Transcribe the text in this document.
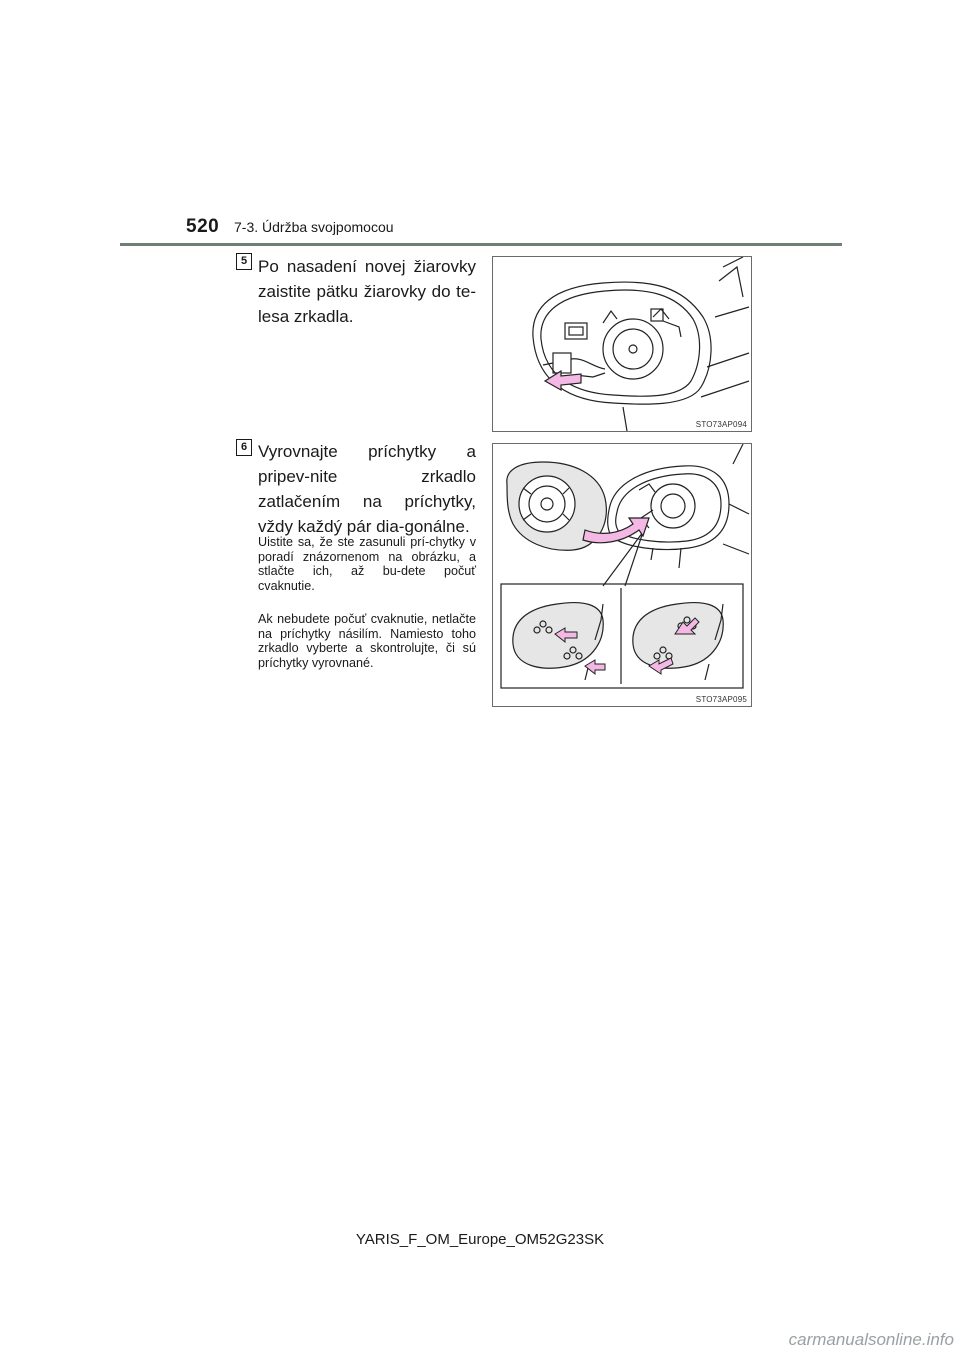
520 7-3. Údržba svojpomocou
5 Po nasadení novej žiarovky zaistite pätku žiarovky do te-lesa zrkadla.
STO73AP094
6 Vyrovnajte príchytky a pripev-nite zrkadlo zatlačením na príchytky, vždy každý pár dia-gonálne.
Uistite sa, že ste zasunuli prí-chytky v poradí znázornenom na obrázku, a stlačte ich, až bu-dete počuť cvaknutie.
Ak nebudete počuť cvaknutie, netlačte na príchytky násilím. Namiesto toho zrkadlo vyberte a skontrolujte, či sú príchytky vyrovnané.
STO73AP095
YARIS_F_OM_Europe_OM52G23SK
carmanualsonline.info
